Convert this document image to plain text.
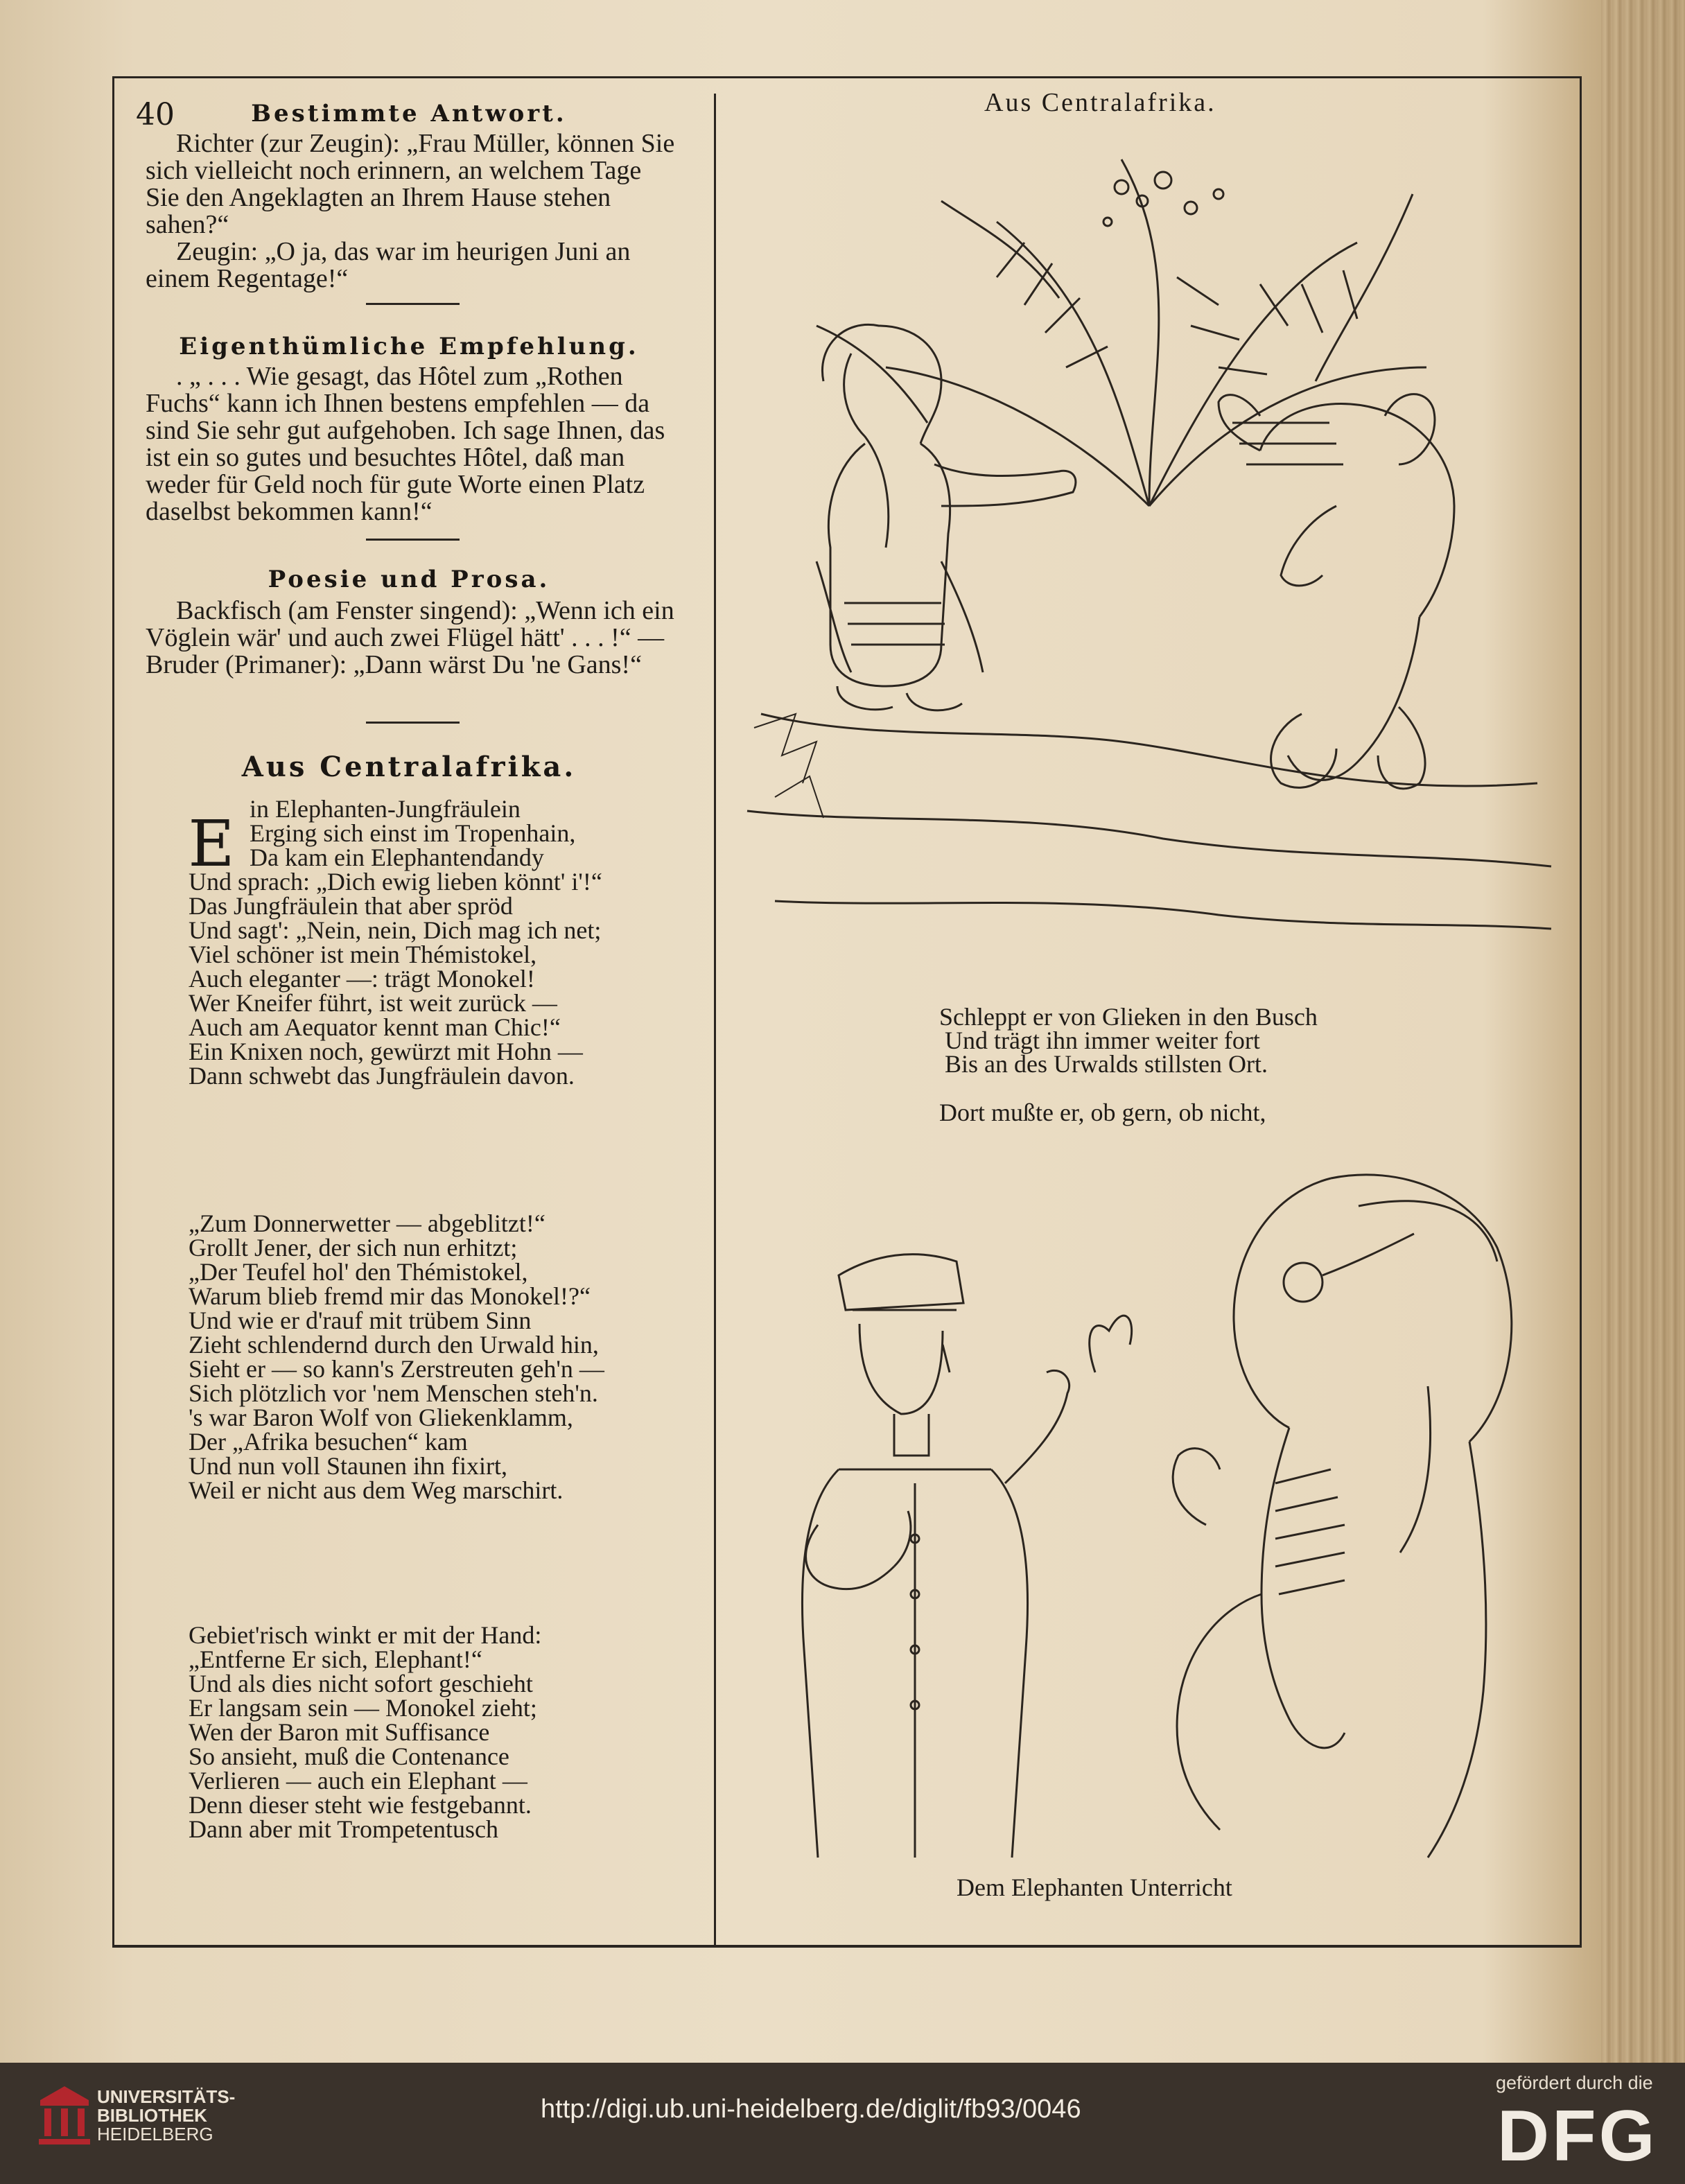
40	Bestimmte Antwort.

Richter (zur Zeugin): „Frau Müller, können Sie sich vielleicht noch erinnern, an welchem Tage Sie den Angeklagten an Ihrem Hause stehen sahen?“

Zeugin: „O ja, das war im heurigen Juni an einem Regentage!“

Eigenthümliche Empfehlung.

. „ . . . Wie gesagt, das Hôtel zum „Rothen Fuchs“ kann ich Ihnen bestens empfehlen — da sind Sie sehr gut aufgehoben. Ich sage Ihnen, das ist ein so gutes und besuchtes Hôtel, daß man weder für Geld noch für gute Worte einen Platz daselbst bekommen kann!“

Poesie und Prosa.

Backfisch (am Fenster singend): „Wenn ich ein Vöglein wär' und auch zwei Flügel hätt' . . . !“ — Bruder (Primaner): „Dann wärst Du 'ne Gans!“

Aus Centralafrika.
E in Elephanten-Jungfräulein
Erging sich einst im Tropenhain,
Da kam ein Elephantendandy
Und sprach: „Dich ewig lieben könnt' i'!“
Das Jungfräulein that aber spröd
Und sagt': „Nein, nein, Dich mag ich net;
Viel schöner ist mein Thémistokel,
Auch eleganter —: trägt Monokel!
Wer Kneifer führt, ist weit zurück —
Auch am Aequator kennt man Chic!“
Ein Knixen noch, gewürzt mit Hohn —
Dann schwebt das Jungfräulein davon.
„Zum Donnerwetter — abgeblitzt!“
Grollt Jener, der sich nun erhitzt;
„Der Teufel hol' den Thémistokel,
Warum blieb fremd mir das Monokel!?“
Und wie er d'rauf mit trübem Sinn
Zieht schlendernd durch den Urwald hin,
Sieht er — so kann's Zerstreuten geh'n —
Sich plötzlich vor 'nem Menschen steh'n.
's war Baron Wolf von Gliekenklamm,
Der „Afrika besuchen“ kam
Und nun voll Staunen ihn fixirt,
Weil er nicht aus dem Weg marschirt.
Gebiet'risch winkt er mit der Hand:
„Entferne Er sich, Elephant!“
Und als dies nicht sofort geschieht
Er langsam sein — Monokel zieht;
Wen der Baron mit Suffisance
So ansieht, muß die Contenance
Verlieren — auch ein Elephant —
Denn dieser steht wie festgebannt.
Dann aber mit Trompetentusch
Aus Centralafrika.
Schleppt er von Glieken in den Busch
Und trägt ihn immer weiter fort
Bis an des Urwalds stillsten Ort.
Dort mußte er, ob gern, ob nicht,
Dem Elephanten Unterricht
UNIVERSITÄTS-
BIBLIOTHEK
HEIDELBERG
http://digi.ub.uni-heidelberg.de/diglit/fb93/0046
gefördert durch die
DFG
